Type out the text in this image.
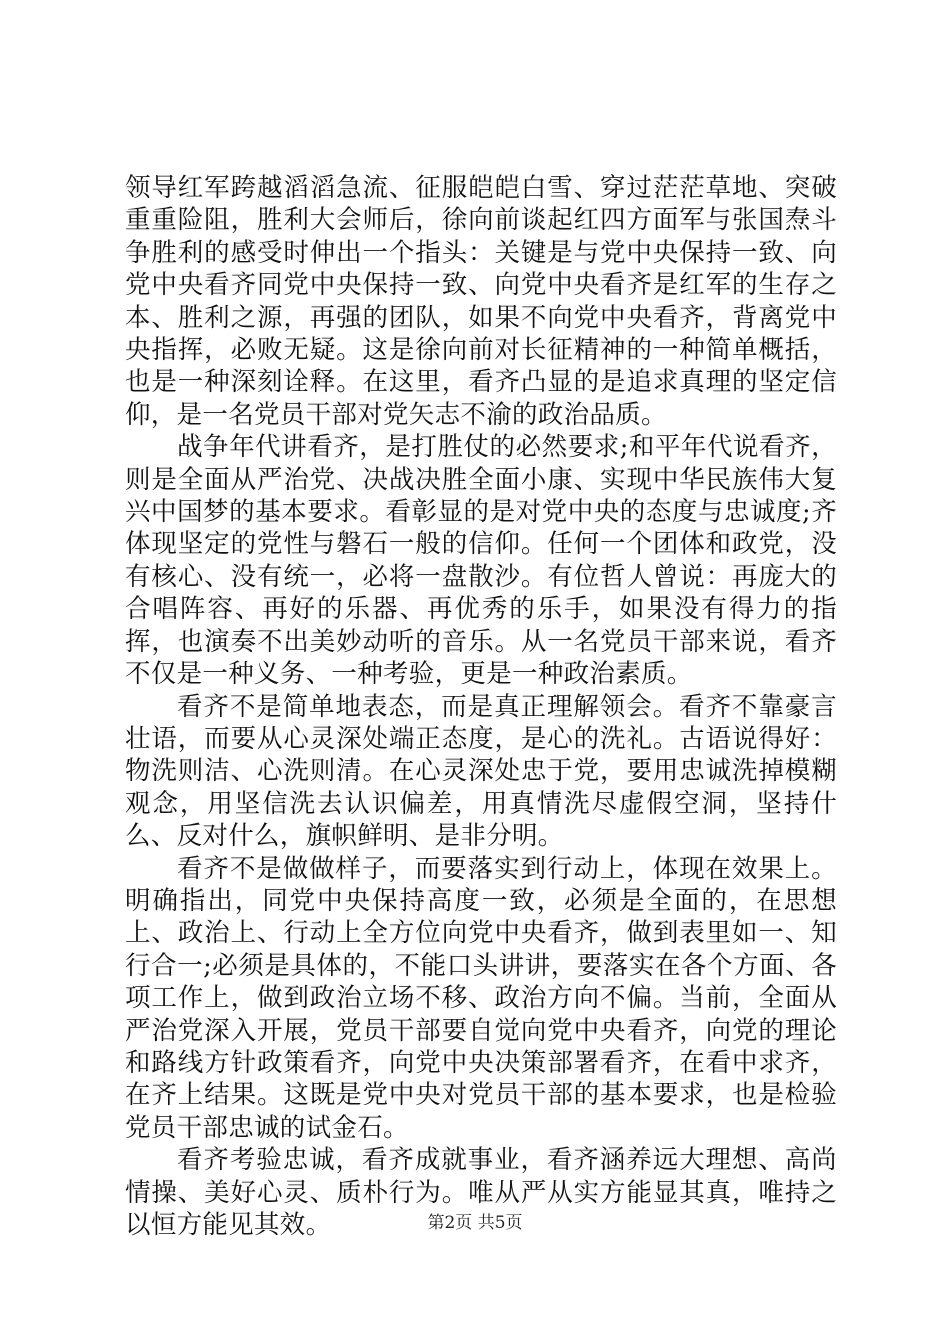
领导红军跨越滔滔急流、征服皑皑白雪、穿过茫茫草地、突破重重险阻，胜利大会师后，徐向前谈起红四方面军与张国焘斗争胜利的感受时伸出一个指头：关键是与党中央保持一致、向党中央看齐同党中央保持一致、向党中央看齐是红军的生存之本、胜利之源，再强的团队，如果不向党中央看齐，背离党中央指挥，必败无疑。这是徐向前对长征精神的一种简单概括，也是一种深刻诠释。在这里，看齐凸显的是追求真理的坚定信仰，是一名党员干部对党矢志不渝的政治品质。

战争年代讲看齐，是打胜仗的必然要求;和平年代说看齐，则是全面从严治党、决战决胜全面小康、实现中华民族伟大复兴中国梦的基本要求。看彰显的是对党中央的态度与忠诚度;齐体现坚定的党性与磐石一般的信仰。任何一个团体和政党，没有核心、没有统一，必将一盘散沙。有位哲人曾说：再庞大的合唱阵容、再好的乐器、再优秀的乐手，如果没有得力的指挥，也演奏不出美妙动听的音乐。从一名党员干部来说，看齐不仅是一种义务、一种考验，更是一种政治素质。

看齐不是简单地表态，而是真正理解领会。看齐不靠豪言壮语，而要从心灵深处端正态度，是心的洗礼。古语说得好：物洗则洁、心洗则清。在心灵深处忠于党，要用忠诚洗掉模糊观念，用坚信洗去认识偏差，用真情洗尽虚假空洞，坚持什么、反对什么，旗帜鲜明、是非分明。

看齐不是做做样子，而要落实到行动上，体现在效果上。明确指出，同党中央保持高度一致，必须是全面的，在思想上、政治上、行动上全方位向党中央看齐，做到表里如一、知行合一;必须是具体的，不能口头讲讲，要落实在各个方面、各项工作上，做到政治立场不移、政治方向不偏。当前，全面从严治党深入开展，党员干部要自觉向党中央看齐，向党的理论和路线方针政策看齐，向党中央决策部署看齐，在看中求齐，在齐上结果。这既是党中央对党员干部的基本要求，也是检验党员干部忠诚的试金石。

看齐考验忠诚，看齐成就事业，看齐涵养远大理想、高尚情操、美好心灵、质朴行为。唯从严从实方能显其真，唯持之以恒方能见其效。	第2页 共5页
